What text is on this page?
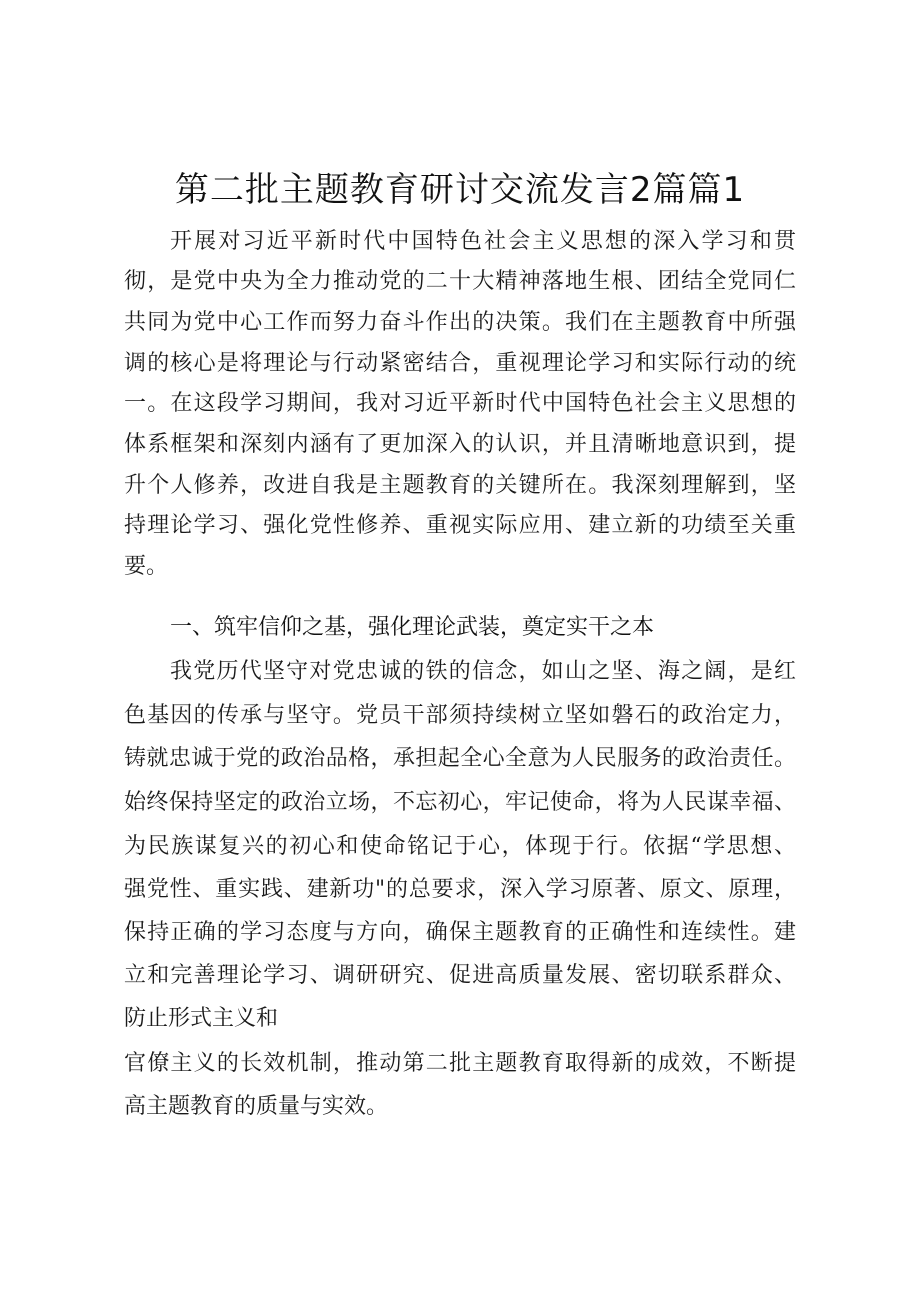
第二批主题教育研讨交流发言2篇篇1
开展对习近平新时代中国特色社会主义思想的深入学习和贯
彻，是党中央为全力推动党的二十大精神落地生根、团结全党同仁
共同为党中心工作而努力奋斗作出的决策。我们在主题教育中所强
调的核心是将理论与行动紧密结合，重视理论学习和实际行动的统
一。在这段学习期间，我对习近平新时代中国特色社会主义思想的
体系框架和深刻内涵有了更加深入的认识，并且清晰地意识到，提
升个人修养，改进自我是主题教育的关键所在。我深刻理解到，坚
持理论学习、强化党性修养、重视实际应用、建立新的功绩至关重
要。
一、筑牢信仰之基，强化理论武装，奠定实干之本
我党历代坚守对党忠诚的铁的信念，如山之坚、海之阔，是红
色基因的传承与坚守。党员干部须持续树立坚如磐石的政治定力，
铸就忠诚于党的政治品格，承担起全心全意为人民服务的政治责任。
始终保持坚定的政治立场，不忘初心，牢记使命，将为人民谋幸福、
为民族谋复兴的初心和使命铭记于心，体现于行。依据“学思想、
强党性、重实践、建新功"的总要求，深入学习原著、原文、原理，
保持正确的学习态度与方向，确保主题教育的正确性和连续性。建
立和完善理论学习、调研研究、促进高质量发展、密切联系群众、
防止形式主义和
官僚主义的长效机制，推动第二批主题教育取得新的成效，不断提
高主题教育的质量与实效。
